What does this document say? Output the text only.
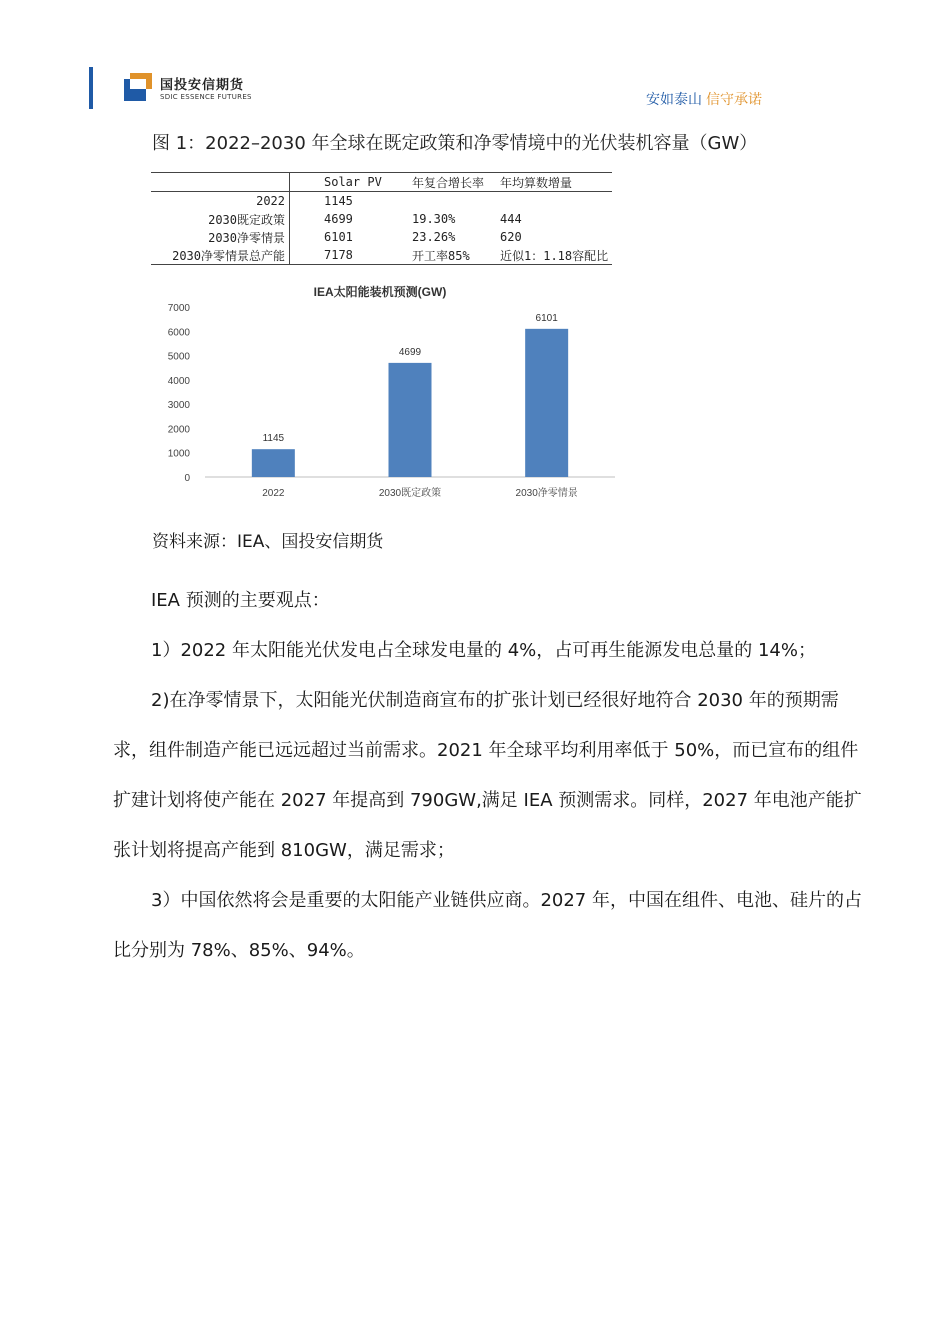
国投安信期货
SDIC ESSENCE FUTURES	安如泰山 信守承诺
图 1：2022–2030 年全球在既定政策和净零情境中的光伏装机容量（GW）
	Solar PV	年复合增长率	年均算数增量
2022	1145		
2030既定政策	4699	19.30%	444
2030净零情景	6101	23.26%	620
2030净零情景总产能	7178	开工率85%	近似1：1.18容配比
IEA太阳能装机预测(GW)
0
1000
2000
3000
4000
5000
6000
7000
1145
2022
4699
2030既定政策
6101
2030净零情景
资料来源：IEA、国投安信期货

IEA 预测的主要观点：

1）2022 年太阳能光伏发电占全球发电量的 4%，占可再生能源发电总量的 14%；

2)在净零情景下，太阳能光伏制造商宣布的扩张计划已经很好地符合 2030 年的预期需求，组件制造产能已远远超过当前需求。2021 年全球平均利用率低于 50%，而已宣布的组件扩建计划将使产能在 2027 年提高到 790GW,满足 IEA 预测需求。同样，2027 年电池产能扩张计划将提高产能到 810GW，满足需求；

3）中国依然将会是重要的太阳能产业链供应商。2027 年，中国在组件、电池、硅片的占比分别为 78%、85%、94%。
